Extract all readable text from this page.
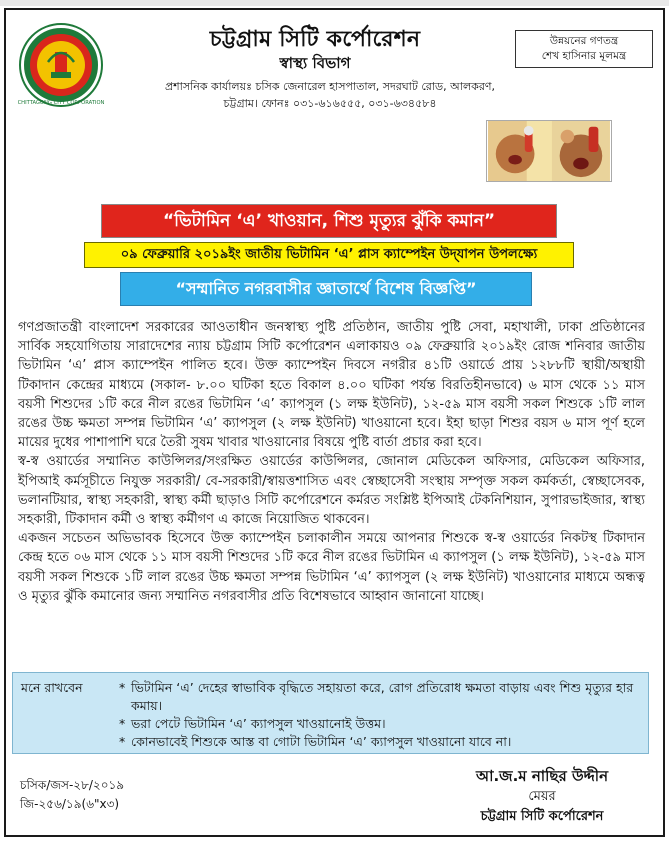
CHITTAGONG CITY CORPORATION
চট্টগ্রাম সিটি কর্পোরেশন
স্বাস্থ্য বিভাগ
প্রশাসনিক কার্যালয়ঃ চসিক জেনারেল হাসপাতাল, সদরঘাট রোড, আলকরণ,
চট্টগ্রাম। ফোনঃ ০৩১-৬১৬৫৫৫, ০৩১-৬৩৪৫৮৪
উন্নয়নের গণতন্ত্র
শেখ হাসিনার মূলমন্ত্র
“ভিটামিন ‘এ’ খাওয়ান, শিশু মৃত্যুর ঝুঁকি কমান”
০৯ ফেব্রুয়ারি ২০১৯ইং জাতীয় ভিটামিন ‘এ’ প্লাস ক্যাম্পেইন উদ্‌যাপন উপলক্ষ্যে
“সম্মানিত নগরবাসীর জ্ঞাতার্থে বিশেষ বিজ্ঞপ্তি”

গণপ্রজাতন্ত্রী বাংলাদেশ সরকারের আওতাধীন জনস্বাস্থ্য পুষ্টি প্রতিষ্ঠান, জাতীয় পুষ্টি সেবা, মহাখালী, ঢাকা প্রতিষ্ঠানের সার্বিক সহযোগিতায় সারাদেশের ন্যায় চট্টগ্রাম সিটি কর্পোরেশন এলাকায়ও ০৯ ফেব্রুয়ারি ২০১৯ইং রোজ শনিবার জাতীয় ভিটামিন ‘এ’ প্লাস ক্যাম্পেইন পালিত হবে। উক্ত ক্যাম্পেইন দিবসে নগরীর ৪১টি ওয়ার্ডে প্রায় ১২৮৮টি স্থায়ী/অস্থায়ী টিকাদান কেন্দ্রের মাধ্যমে (সকাল- ৮.০০ ঘটিকা হতে বিকাল ৪.০০ ঘটিকা পর্যন্ত বিরতিহীনভাবে) ৬ মাস থেকে ১১ মাস বয়সী শিশুদের ১টি করে নীল রঙের ভিটামিন ‘এ’ ক্যাপসুল (১ লক্ষ ইউনিট), ১২-৫৯ মাস বয়সী সকল শিশুকে ১টি লাল রঙের উচ্চ ক্ষমতা সম্পন্ন ভিটামিন ‘এ’ ক্যাপসুল (২ লক্ষ ইউনিট) খাওয়ানো হবে। ইহা ছাড়া শিশুর বয়স ৬ মাস পূর্ণ হলে মায়ের দুধের পাশাপাশি ঘরে তৈরী সুষম খাবার খাওয়ানোর বিষয়ে পুষ্টি বার্তা প্রচার করা হবে।

স্ব-স্ব ওয়ার্ডের সম্মানিত কাউন্সিলর/সংরক্ষিত ওয়ার্ডের কাউন্সিলর, জোনাল মেডিকেল অফিসার, মেডিকেল অফিসার, ইপিআই কর্মসূচীতে নিযুক্ত সরকারী/ বে-সরকারী/স্বায়ত্তশাসিত এবং স্বেচ্ছাসেবী সংস্থায় সম্পৃক্ত সকল কর্মকর্তা, স্বেচ্ছাসেবক, ভলানটিয়ার, স্বাস্থ্য সহকারী, স্বাস্থ্য কর্মী ছাড়াও সিটি কর্পোরেশনে কর্মরত সংশ্লিষ্ট ইপিআই টেকনিশিয়ান, সুপারভাইজার, স্বাস্থ্য সহকারী, টিকাদান কর্মী ও স্বাস্থ্য কর্মীগণ এ কাজে নিয়োজিত থাকবেন।

একজন সচেতন অভিভাবক হিসেবে উক্ত ক্যাম্পেইন চলাকালীন সময়ে আপনার শিশুকে স্ব-স্ব ওয়ার্ডের নিকটস্থ টিকাদান কেন্দ্র হতে ০৬ মাস থেকে ১১ মাস বয়সী শিশুদের ১টি করে নীল রঙের ভিটামিন এ ক্যাপসুল (১ লক্ষ ইউনিট), ১২-৫৯ মাস বয়সী সকল শিশুকে ১টি লাল রঙের উচ্চ ক্ষমতা সম্পন্ন ভিটামিন ‘এ’ ক্যাপসুল (২ লক্ষ ইউনিট) খাওয়ানোর মাধ্যমে অন্ধত্ব ও মৃত্যুর ঝুঁকি কমানোর জন্য সম্মানিত নগরবাসীর প্রতি বিশেষভাবে আহ্বান জানানো যাচ্ছে।

মনে রাখবেন	* ভিটামিন ‘এ’ দেহের স্বাভাবিক বৃদ্ধিতে সহায়তা করে, রোগ প্রতিরোধ ক্ষমতা বাড়ায় এবং শিশু মৃত্যুর হার কমায়।
* ভরা পেটে ভিটামিন ‘এ’ ক্যাপসুল খাওয়ানোই উত্তম।
* কোনভাবেই শিশুকে আস্ত বা গোটা ভিটামিন ‘এ’ ক্যাপসুল খাওয়ানো যাবে না।
চসিক/জস-২৮/২০১৯
জি-২৫৬/১৯(৬"x৩)
আ.জ.ম নাছির উদ্দীন
মেয়র
চট্টগ্রাম সিটি কর্পোরেশন
